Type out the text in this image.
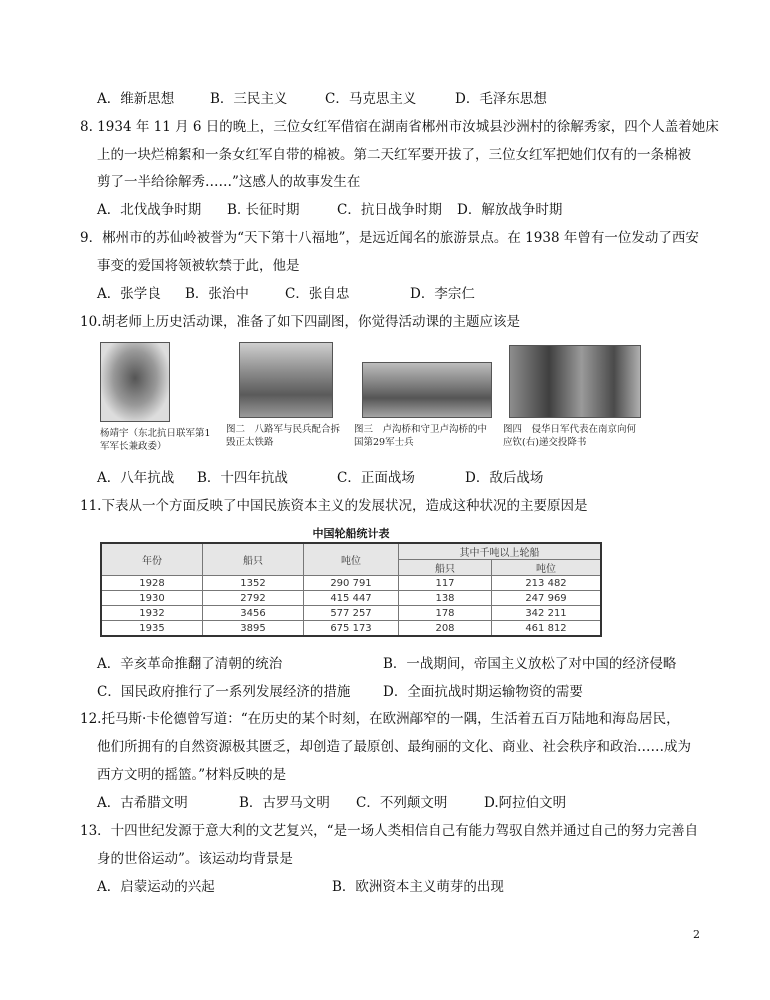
A．维新思想	B．三民主义	C．马克思主义	D．毛泽东思想
8. 1934 年 11 月 6 日的晚上，三位女红军借宿在湖南省郴州市汝城县沙洲村的徐解秀家，四个人盖着她床
上的一块烂棉絮和一条女红军自带的棉被。第二天红军要开拔了，三位女红军把她们仅有的一条棉被
剪了一半给徐解秀……”这感人的故事发生在
A．北伐战争时期	B. 长征时期	C．抗日战争时期	D．解放战争时期
9．郴州市的苏仙岭被誉为“天下第十八福地”，是远近闻名的旅游景点。在 1938 年曾有一位发动了西安
事变的爱国将领被软禁于此，他是
A．张学良	B．张治中	C．张自忠	D．李宗仁
10.胡老师上历史活动课，准备了如下四副图，你觉得活动课的主题应该是
杨靖宇（东北抗日联军第1军军长兼政委）
图二　八路军与民兵配合拆毁正太铁路
图三　卢沟桥和守卫卢沟桥的中国第29军士兵
图四　侵华日军代表在南京向何应钦(右)递交投降书
A．八年抗战	B．十四年抗战	C．正面战场	D．敌后战场
11.下表从一个方面反映了中国民族资本主义的发展状况，造成这种状况的主要原因是
中国轮船统计表
年份	船只	吨位	其中千吨以上轮船	
			船只	吨位
1928	1352	290 791	117	213 482
1930	2792	415 447	138	247 969
1932	3456	577 257	178	342 211
1935	3895	675 173	208	461 812
A．辛亥革命推翻了清朝的统治	B．一战期间，帝国主义放松了对中国的经济侵略
C．国民政府推行了一系列发展经济的措施 D．全面抗战时期运输物资的需要
12.托马斯·卡伦德曾写道：“在历史的某个时刻，在欧洲鄗窄的一隅，生活着五百万陆地和海岛居民，
他们所拥有的自然资源极其匮乏，却创造了最原创、最绚丽的文化、商业、社会秩序和政治……成为
西方文明的摇篮。”材料反映的是
A．古希腊文明	B．古罗马文明	C．不列颠文明	D.阿拉伯文明
13．十四世纪发源于意大利的文艺复兴，“是一场人类相信自己有能力驾驭自然并通过自己的努力完善自
身的世俗运动”。该运动均背景是
A．启蒙运动的兴起	B．欧洲资本主义萌芽的出现
2
